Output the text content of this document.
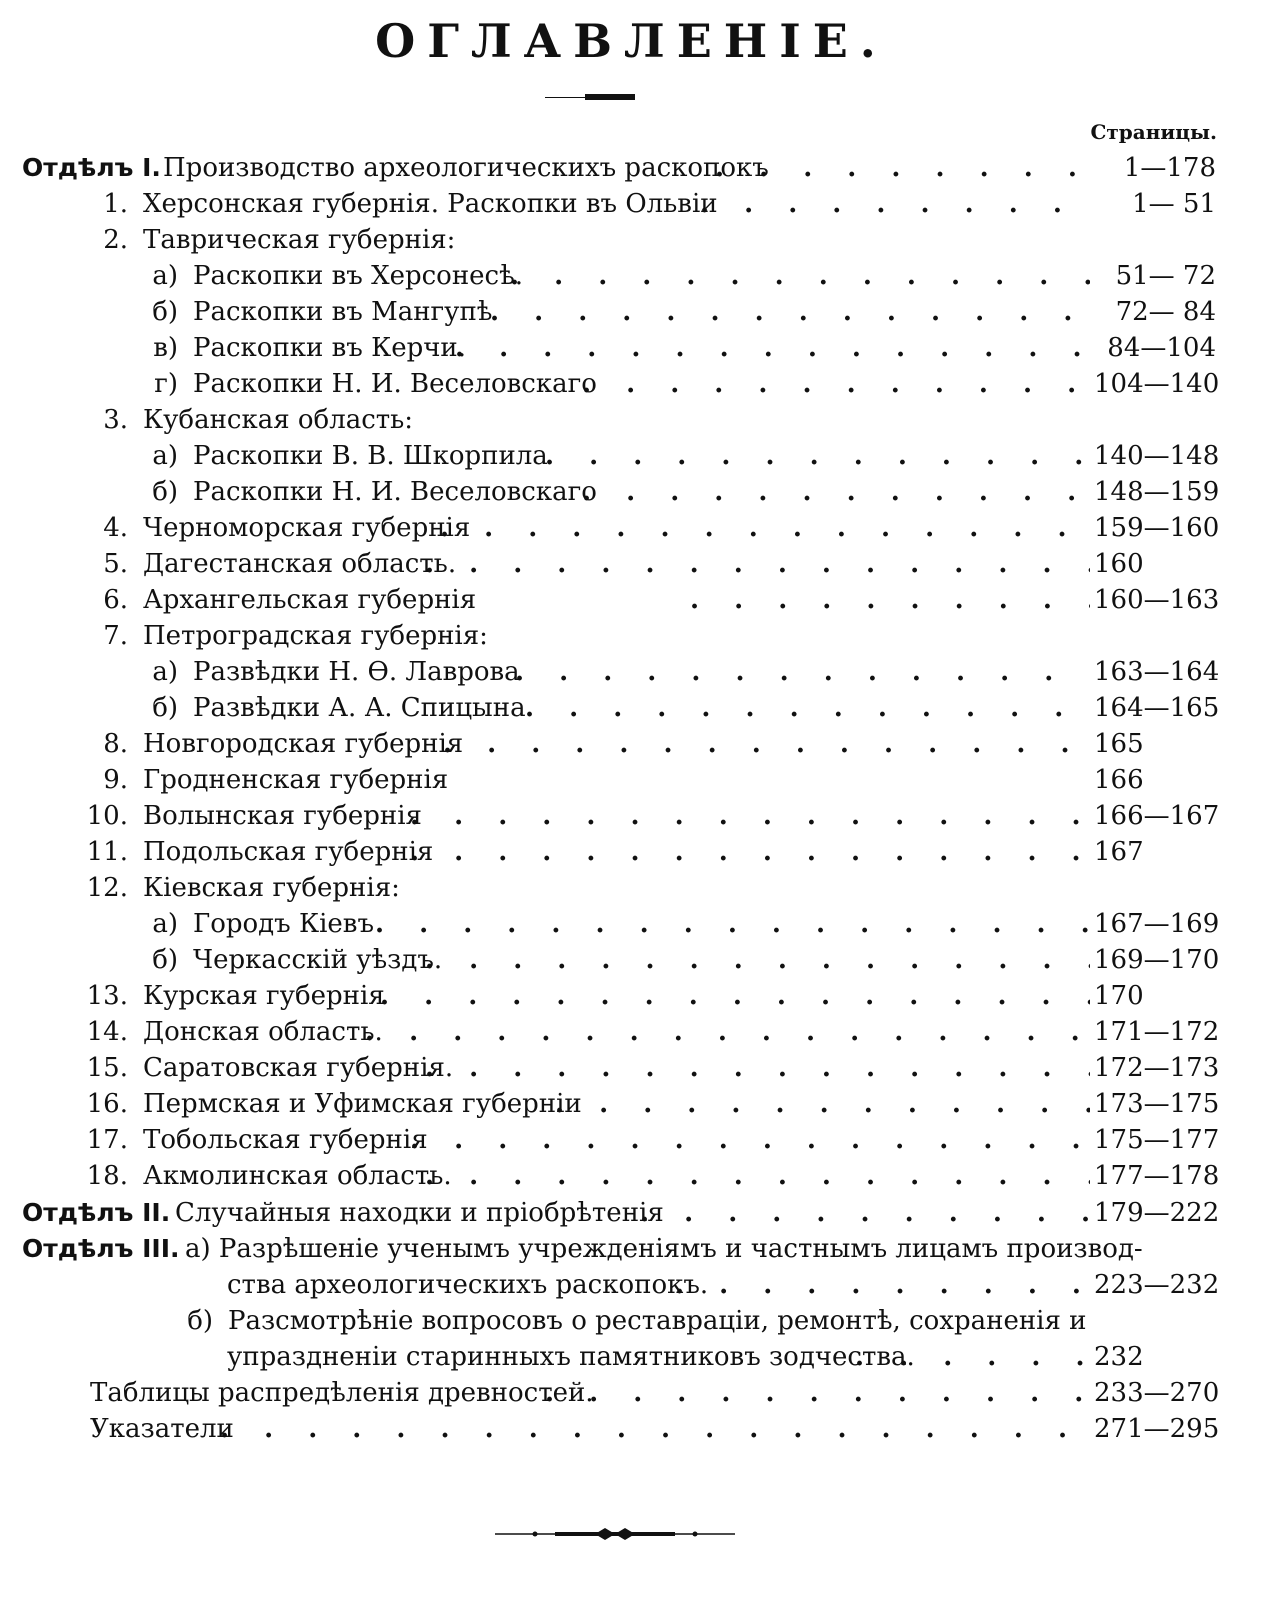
ОГЛАВЛЕНІЕ.
Страницы.
Отдѣлъ I. Производство археологическихъ раскопокъ . . .	1—178
1. Херсонская губернія. Раскопки въ Ольвіи . . .	1— 51
2. Таврическая губернія:
а) Раскопки въ Херсонесѣ. . . .	51— 72
б) Раскопки въ Мангупѣ . . .	72— 84
в) Раскопки въ Керчи. . . .	84—104
г) Раскопки Н. И. Веселовскаго . . .	104—140
3. Кубанская область:
а) Раскопки В. В. Шкорпила . . .	140—148
б) Раскопки Н. И. Веселовскаго . . .	148—159
4. Черноморская губернія . . .	159—160
5. Дагестанская область. . . .	160
6. Архангельская губернія . . .	160—163
7. Петроградская губернія:
а) Развѣдки Н. Ѳ. Лаврова . . .	163—164
б) Развѣдки А. А. Спицына . . .	164—165
8. Новгородская губернія . . .	165
9. Гродненская губернія	166
10. Волынская губернія . . .	166—167
11. Подольская губернія . . .	167
12. Кіевская губернія:
а) Городъ Кіевъ . . .	167—169
б) Черкасскій уѣздъ. . . .	169—170
13. Курская губернія . . .	170
14. Донская область. . . .	171—172
15. Саратовская губернія. . . .	172—173
16. Пермская и Уфимская губерніи . . .	173—175
17. Тобольская губернія . . .	175—177
18. Акмолинская область. . . .	177—178
Отдѣлъ II. Случайныя находки и пріобрѣтенія . . .	179—222
Отдѣлъ III. а) Разрѣшеніе ученымъ учрежденіямъ и частнымъ лицамъ производ-
ства археологическихъ раскопокъ. . . .	223—232
б) Разсмотрѣніе вопросовъ о реставраціи, ремонтѣ, сохраненія и
упраздненіи старинныхъ памятниковъ зодчества. . . .	232
Таблицы распредѣленія древностей. . . .	233—270
Указатели . . .	271—295
